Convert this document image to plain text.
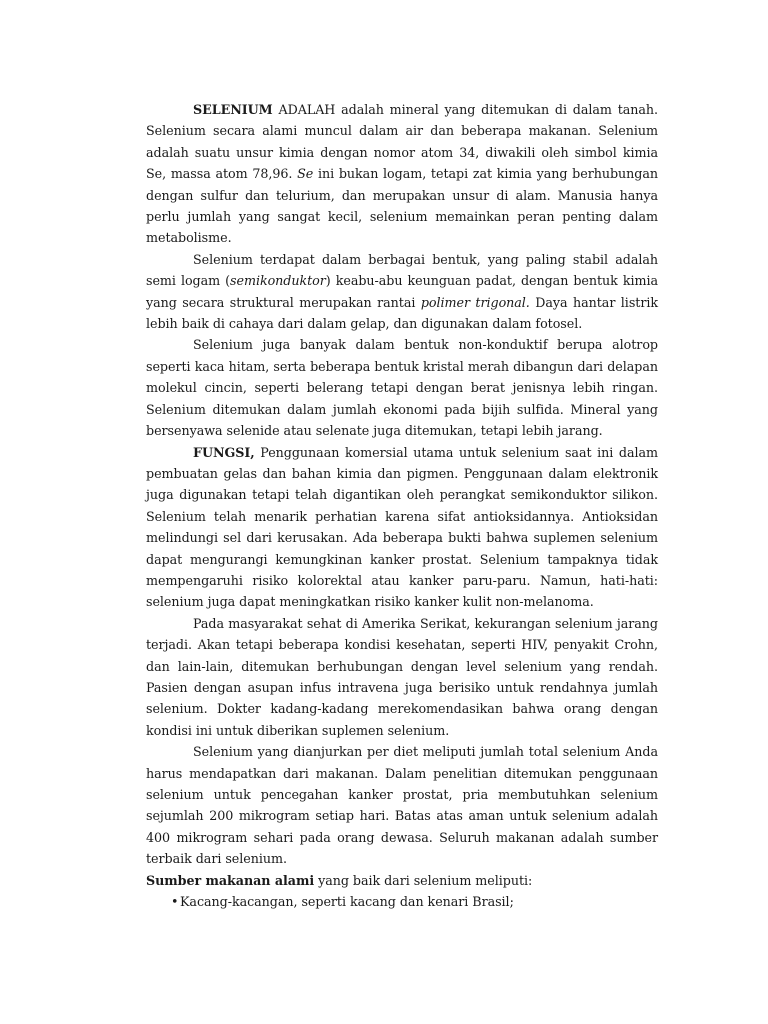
SELENIUM ADALAH adalah mineral yang ditemukan di dalam tanah. Selenium secara alami muncul dalam air dan beberapa makanan. Selenium adalah suatu unsur kimia dengan nomor atom 34, diwakili oleh simbol kimia Se, massa atom 78,96. Se ini bukan logam, tetapi zat kimia yang berhubungan dengan sulfur dan telurium, dan merupakan unsur di alam. Manusia hanya perlu jumlah yang sangat kecil, selenium memainkan peran penting dalam metabolisme.

Selenium terdapat dalam berbagai bentuk, yang paling stabil adalah semi logam (semikonduktor) keabu-abu keunguan padat, dengan bentuk kimia yang secara struktural merupakan rantai polimer trigonal. Daya hantar listrik lebih baik di cahaya dari dalam gelap, dan digunakan dalam fotosel.

Selenium juga banyak dalam bentuk non-konduktif berupa alotrop seperti kaca hitam, serta beberapa bentuk kristal merah dibangun dari delapan molekul cincin, seperti belerang tetapi dengan berat jenisnya lebih ringan. Selenium ditemukan dalam jumlah ekonomi pada bijih sulfida. Mineral yang bersenyawa selenide atau selenate juga ditemukan, tetapi lebih jarang.

FUNGSI, Penggunaan komersial utama untuk selenium saat ini dalam pembuatan gelas dan bahan kimia dan pigmen. Penggunaan dalam elektronik juga digunakan tetapi telah digantikan oleh perangkat semikonduktor silikon. Selenium telah menarik perhatian karena sifat antioksidannya. Antioksidan melindungi sel dari kerusakan. Ada beberapa bukti bahwa suplemen selenium dapat mengurangi kemungkinan kanker prostat. Selenium tampaknya tidak mempengaruhi risiko kolorektal atau kanker paru-paru. Namun, hati-hati: selenium juga dapat meningkatkan risiko kanker kulit non-melanoma.

Pada masyarakat sehat di Amerika Serikat, kekurangan selenium jarang terjadi. Akan tetapi beberapa kondisi kesehatan, seperti HIV, penyakit Crohn, dan lain-lain, ditemukan berhubungan dengan level selenium yang rendah. Pasien dengan asupan infus intravena juga berisiko untuk rendahnya jumlah selenium. Dokter kadang-kadang merekomendasikan bahwa orang dengan kondisi ini untuk diberikan suplemen selenium.

Selenium yang dianjurkan per diet meliputi jumlah total selenium Anda harus mendapatkan dari makanan. Dalam penelitian ditemukan penggunaan selenium untuk pencegahan kanker prostat, pria membutuhkan selenium sejumlah 200 mikrogram setiap hari. Batas atas aman untuk selenium adalah 400 mikrogram sehari pada orang dewasa. Seluruh makanan adalah sumber terbaik dari selenium.

Sumber makanan alami yang baik dari selenium meliputi:

• Kacang-kacangan, seperti kacang dan kenari Brasil;
